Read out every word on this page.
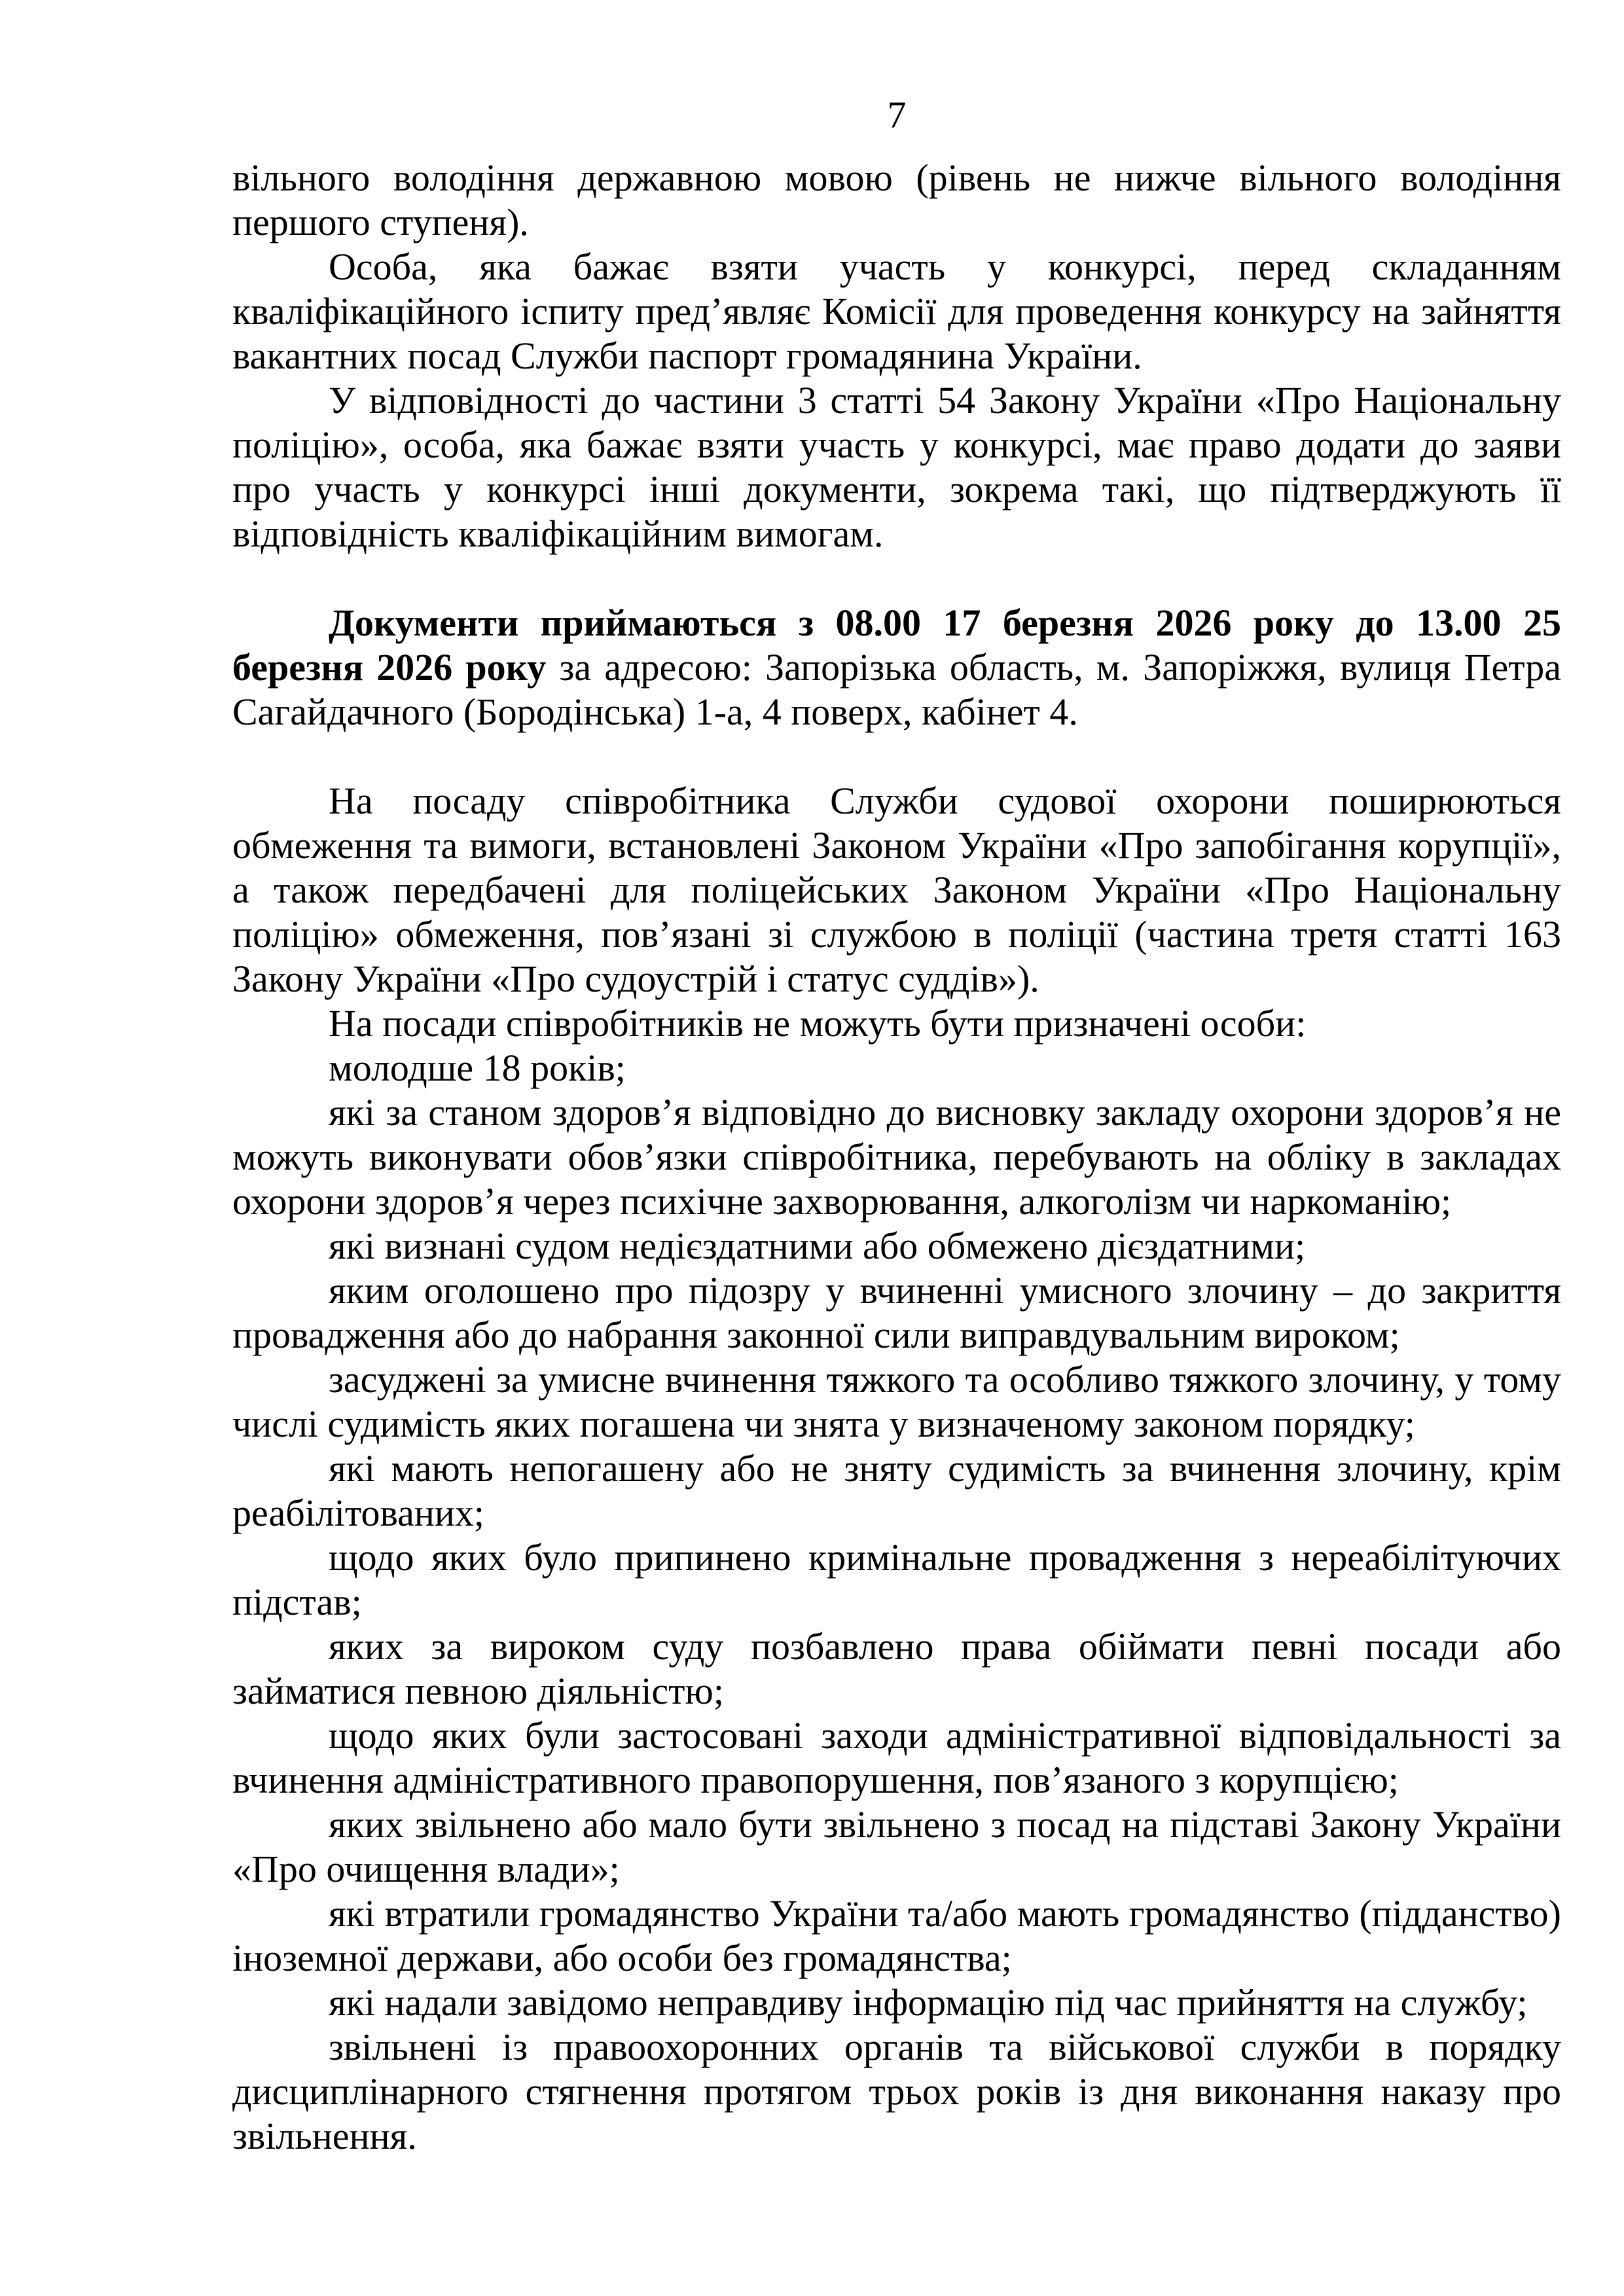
7

вільного володіння державною мовою (рівень не нижче вільного володіння першого ступеня).

Особа, яка бажає взяти участь у конкурсі, перед складанням кваліфікаційного іспиту пред’являє Комісії для проведення конкурсу на зайняття вакантних посад Служби паспорт громадянина України.

У відповідності до частини 3 статті 54 Закону України «Про Національну поліцію», особа, яка бажає взяти участь у конкурсі, має право додати до заяви про участь у конкурсі інші документи, зокрема такі, що підтверджують її відповідність кваліфікаційним вимогам.

Документи приймаються з 08.00 17 березня 2026 року до 13.00 25 березня 2026 року за адресою: Запорізька область, м. Запоріжжя, вулиця Петра Сагайдачного (Бородінська) 1-а, 4 поверх, кабінет 4.

На посаду співробітника Служби судової охорони поширюються обмеження та вимоги, встановлені Законом України «Про запобігання корупції», а також передбачені для поліцейських Законом України «Про Національну поліцію» обмеження, пов’язані зі службою в поліції (частина третя статті 163 Закону України «Про судоустрій і статус суддів»).

На посади співробітників не можуть бути призначені особи:

молодше 18 років;

які за станом здоров’я відповідно до висновку закладу охорони здоров’я не можуть виконувати обов’язки співробітника, перебувають на обліку в закладах охорони здоров’я через психічне захворювання, алкоголізм чи наркоманію;

які визнані судом недієздатними або обмежено дієздатними;

яким оголошено про підозру у вчиненні умисного злочину – до закриття провадження або до набрання законної сили виправдувальним вироком;

засуджені за умисне вчинення тяжкого та особливо тяжкого злочину, у тому числі судимість яких погашена чи знята у визначеному законом порядку;

які мають непогашену або не зняту судимість за вчинення злочину, крім реабілітованих;

щодо яких було припинено кримінальне провадження з нереабілітуючих підстав;

яких за вироком суду позбавлено права обіймати певні посади або займатися певною діяльністю;

щодо яких були застосовані заходи адміністративної відповідальності за вчинення адміністративного правопорушення, пов’язаного з корупцією;

яких звільнено або мало бути звільнено з посад на підставі Закону України «Про очищення влади»;

які втратили громадянство України та/або мають громадянство (підданство) іноземної держави, або особи без громадянства;

які надали завідомо неправдиву інформацію під час прийняття на службу;

звільнені із правоохоронних органів та військової служби в порядку дисциплінарного стягнення протягом трьох років із дня виконання наказу про звільнення.
